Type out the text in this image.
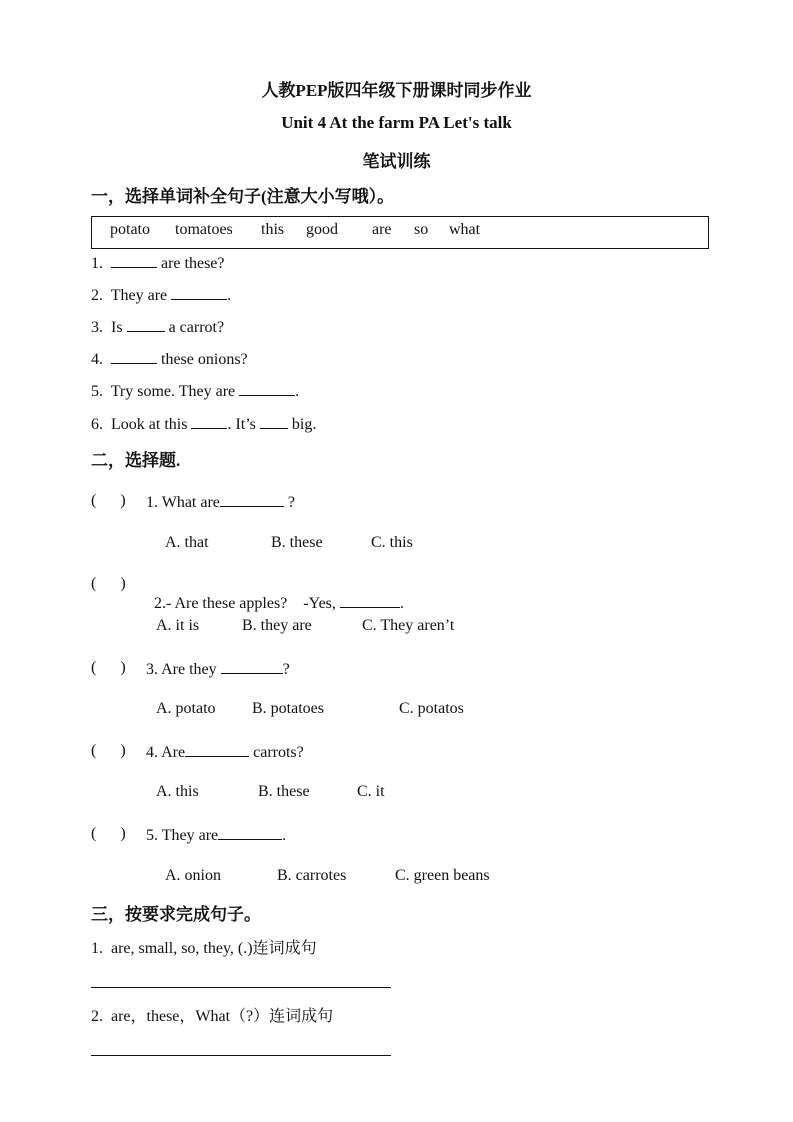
人教PEP版四年级下册课时同步作业
Unit 4 At the farm PA Let's talk
笔试训练
一，选择单词补全句子(注意大小写哦）。
potato tomatoes this good are so what
1.	are these?
2. They are	.
3. Is  a carrot?
4.	these onions?
5. Try some. They are	.
6. Look at this . It’s  big.
二，选择题.
(      ) 1. What are	?
A. that	B. these	C. this
(      )

2.- Are these apples?    -Yes,	.

A. it is	B. they are	C. They aren’t
(      ) 3. Are they	?
A. potato B. potatoes	C. potatos
(      ) 4. Are	carrots?
A. this	B. these	C. it
(      ) 5. They are	.
A. onion	B. carrotes	C. green beans
三，按要求完成句子。
1. are, small, so, they, (.)连词成句
2. are，these，What（?）连词成句
